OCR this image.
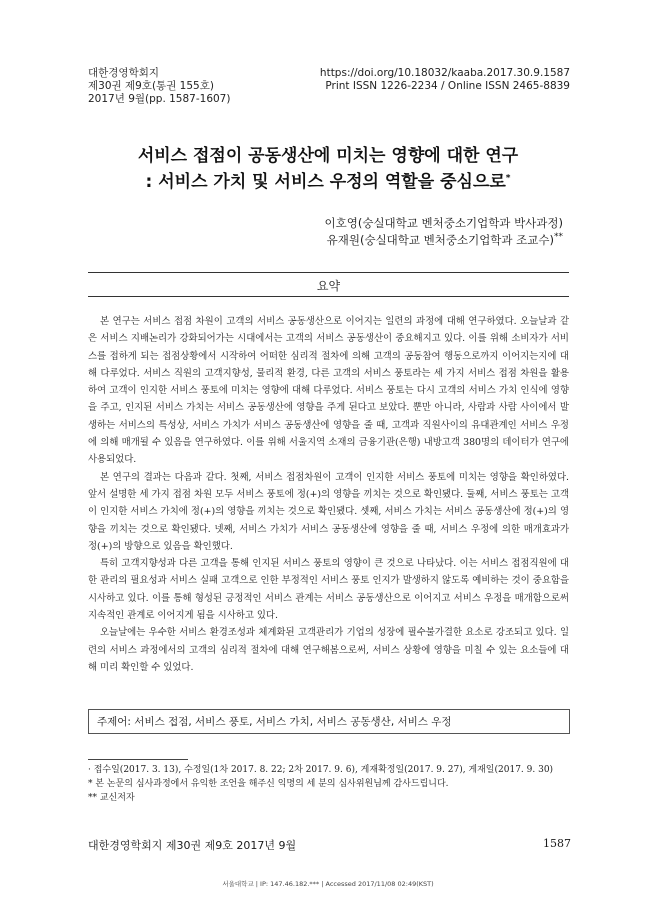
대한경영학회지
제30권 제9호(통권 155호)
2017년 9월(pp. 1587-1607)
https://doi.org/10.18032/kaaba.2017.30.9.1587
Print ISSN 1226-2234 / Online ISSN 2465-8839
서비스 접점이 공동생산에 미치는 영향에 대한 연구
: 서비스 가치 및 서비스 우정의 역할을 중심으로*
이호영(숭실대학교 벤처중소기업학과 박사과정)
유재원(숭실대학교 벤처중소기업학과 조교수)**
요약

본 연구는 서비스 접점 차원이 고객의 서비스 공동생산으로 이어지는 일련의 과정에 대해 연구하였다. 오늘날과 같은 서비스 지배논리가 강화되어가는 시대에서는 고객의 서비스 공동생산이 중요해지고 있다. 이를 위해 소비자가 서비스를 접하게 되는 접점상황에서 시작하여 어떠한 심리적 절차에 의해 고객의 공동참여 행동으로까지 이어지는지에 대해 다루었다. 서비스 직원의 고객지향성, 물리적 환경, 다른 고객의 서비스 풍토라는 세 가지 서비스 접점 차원을 활용하여 고객이 인지한 서비스 풍토에 미치는 영향에 대해 다루었다. 서비스 풍토는 다시 고객의 서비스 가치 인식에 영향을 주고, 인지된 서비스 가치는 서비스 공동생산에 영향을 주게 된다고 보았다. 뿐만 아니라, 사람과 사람 사이에서 발생하는 서비스의 특성상, 서비스 가치가 서비스 공동생산에 영향을 줄 때, 고객과 직원사이의 유대관계인 서비스 우정에 의해 매개될 수 있음을 연구하였다. 이를 위해 서울지역 소재의 금융기관(은행) 내방고객 380명의 데이터가 연구에 사용되었다.

본 연구의 결과는 다음과 같다. 첫째, 서비스 접점차원이 고객이 인지한 서비스 풍토에 미치는 영향을 확인하였다. 앞서 설명한 세 가지 접점 차원 모두 서비스 풍토에 정(+)의 영향을 끼치는 것으로 확인됐다. 둘째, 서비스 풍토는 고객이 인지한 서비스 가치에 정(+)의 영향을 끼치는 것으로 확인됐다. 셋째, 서비스 가치는 서비스 공동생산에 정(+)의 영향을 끼치는 것으로 확인됐다. 넷째, 서비스 가치가 서비스 공동생산에 영향을 줄 때, 서비스 우정에 의한 매개효과가 정(+)의 방향으로 있음을 확인했다.

특히 고객지향성과 다른 고객을 통해 인지된 서비스 풍토의 영향이 큰 것으로 나타났다. 이는 서비스 접점직원에 대한 관리의 필요성과 서비스 실패 고객으로 인한 부정적인 서비스 풍토 인지가 발생하지 않도록 예비하는 것이 중요함을 시사하고 있다. 이를 통해 형성된 긍정적인 서비스 관계는 서비스 공동생산으로 이어지고 서비스 우정을 매개함으로써 지속적인 관계로 이어지게 됨을 시사하고 있다.

오늘날에는 우수한 서비스 환경조성과 체계화된 고객관리가 기업의 성장에 필수불가결한 요소로 강조되고 있다. 일련의 서비스 과정에서의 고객의 심리적 절차에 대해 연구해봄으로써, 서비스 상황에 영향을 미칠 수 있는 요소들에 대해 미리 확인할 수 있었다.

주제어: 서비스 접점, 서비스 풍토, 서비스 가치, 서비스 공동생산, 서비스 우정
· 접수일(2017. 3. 13), 수정일(1차 2017. 8. 22; 2차 2017. 9. 6), 게재확정일(2017. 9. 27), 게재일(2017. 9. 30)
* 본 논문의 심사과정에서 유익한 조언을 해주신 익명의 세 분의 심사위원님께 감사드립니다.
** 교신저자
대한경영학회지 제30권 제9호 2017년 9월	1587
서울대학교 | IP: 147.46.182.*** | Accessed 2017/11/08 02:49(KST)
